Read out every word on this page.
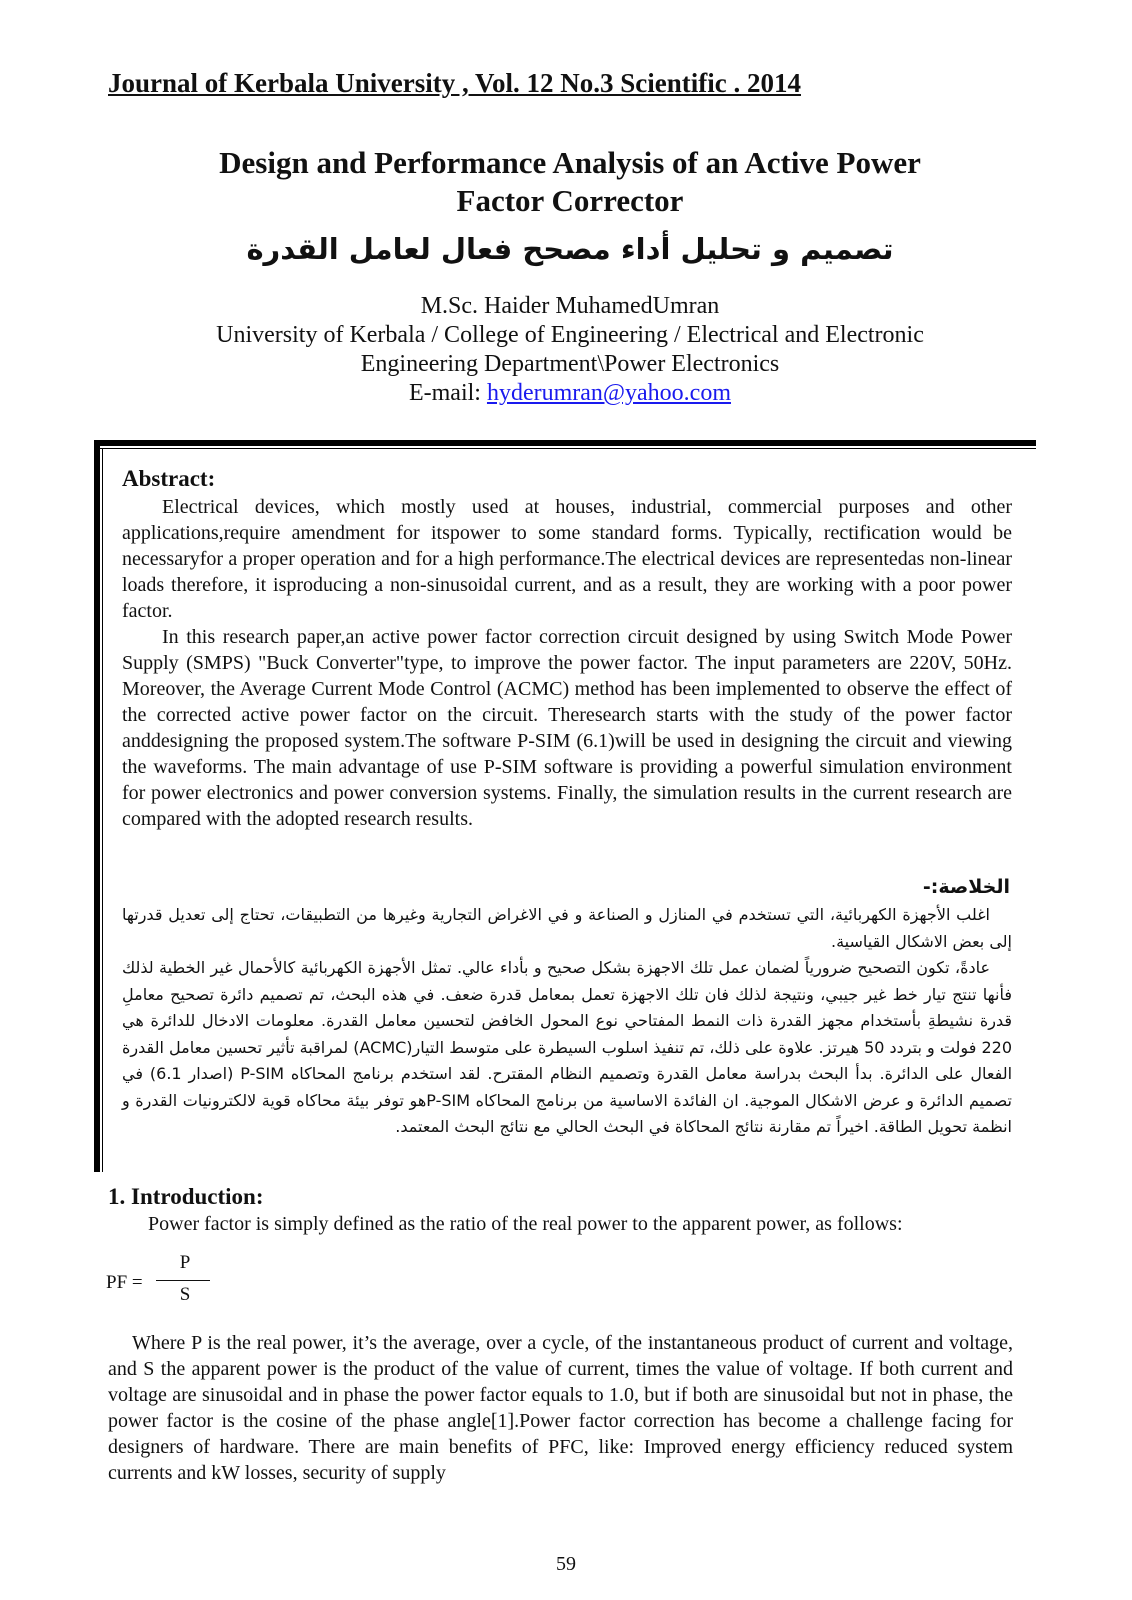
Journal of Kerbala University , Vol. 12 No.3 Scientific . 2014
Design and Performance Analysis of an Active Power
Factor Corrector
تصميم و تحليل أداء مصحح فعال لعامل القدرة
M.Sc. Haider MuhamedUmran
University of Kerbala / College of Engineering / Electrical and Electronic
Engineering Department\Power Electronics
E-mail: hyderumran@yahoo.com
Abstract:

Electrical devices, which mostly used at houses, industrial, commercial purposes and other applications,require amendment for itspower to some standard forms. Typically, rectification would be necessaryfor a proper operation and for a high performance.The electrical devices are representedas non-linear loads therefore, it isproducing a non-sinusoidal current, and as a result, they are working with a poor power factor.

In this research paper,an active power factor correction circuit designed by using Switch Mode Power Supply (SMPS) "Buck Converter"type, to improve the power factor. The input parameters are 220V, 50Hz. Moreover, the Average Current Mode Control (ACMC) method has been implemented to observe the effect of the corrected active power factor on the circuit. Theresearch starts with the study of the power factor anddesigning the proposed system.The software P-SIM (6.1)will be used in designing the circuit and viewing the waveforms. The main advantage of use P-SIM software is providing a powerful simulation environment for power electronics and power conversion systems. Finally, the simulation results in the current research are compared with the adopted research results.

الخلاصة:-

اغلب الأجهزة الكهربائية، التي تستخدم في المنازل و الصناعة و في الاغراض التجارية وغيرها من التطبيقات، تحتاج إلى تعديل قدرتها إلى بعض الاشكال القياسية.

عادةً، تكون التصحيح ضرورياً لضمان عمل تلك الاجهزة بشكل صحيح و بأداء عالي. تمثل الأجهزة الكهربائية كالأحمال غير الخطية لذلك فأنها تنتج تيار خط غير جيبي، ونتيجة لذلك فان تلك الاجهزة تعمل بمعامل قدرة ضعف. في هذه البحث، تم تصميم دائرة تصحيح معاملِ قدرة نشيطةِ بأستخدام مجهز القدرة ذات النمط المفتاحي نوع المحول الخافض لتحسين معامل القدرة. معلومات الادخال للدائرة هي 220 فولت و بتردد 50 هيرتز. علاوة على ذلك، تم تنفيذ اسلوب السيطرة على متوسط التيار(ACMC) لمراقبة تأثير تحسين معامل القدرة الفعال على الدائرة. بدأ البحث بدراسة معامل القدرة وتصميم النظام المقترح. لقد استخدم برنامج المحاكاه P-SIM (اصدار 6.1) في تصميم الدائرة و عرض الاشكال الموجية. ان الفائدة الاساسية من برنامج المحاكاه P-SIMهو توفر بيئة محاكاه قوية لالكترونيات القدرة و انظمة تحويل الطاقة. اخيراً تم مقارنة نتائج المحاكاة في البحث الحالي مع نتائج البحث المعتمد.

1. Introduction:
Power factor is simply defined as the ratio of the real power to the apparent power, as follows:
PF =
P
S

Where P is the real power, it’s the average, over a cycle, of the instantaneous product of current and voltage, and S the apparent power is the product of the value of current, times the value of voltage. If both current and voltage are sinusoidal and in phase the power factor equals to 1.0, but if both are sinusoidal but not in phase, the power factor is the cosine of the phase angle[1].Power factor correction has become a challenge facing for designers of hardware. There are main benefits of PFC, like: Improved energy efficiency reduced system currents and kW losses, security of supply

59
